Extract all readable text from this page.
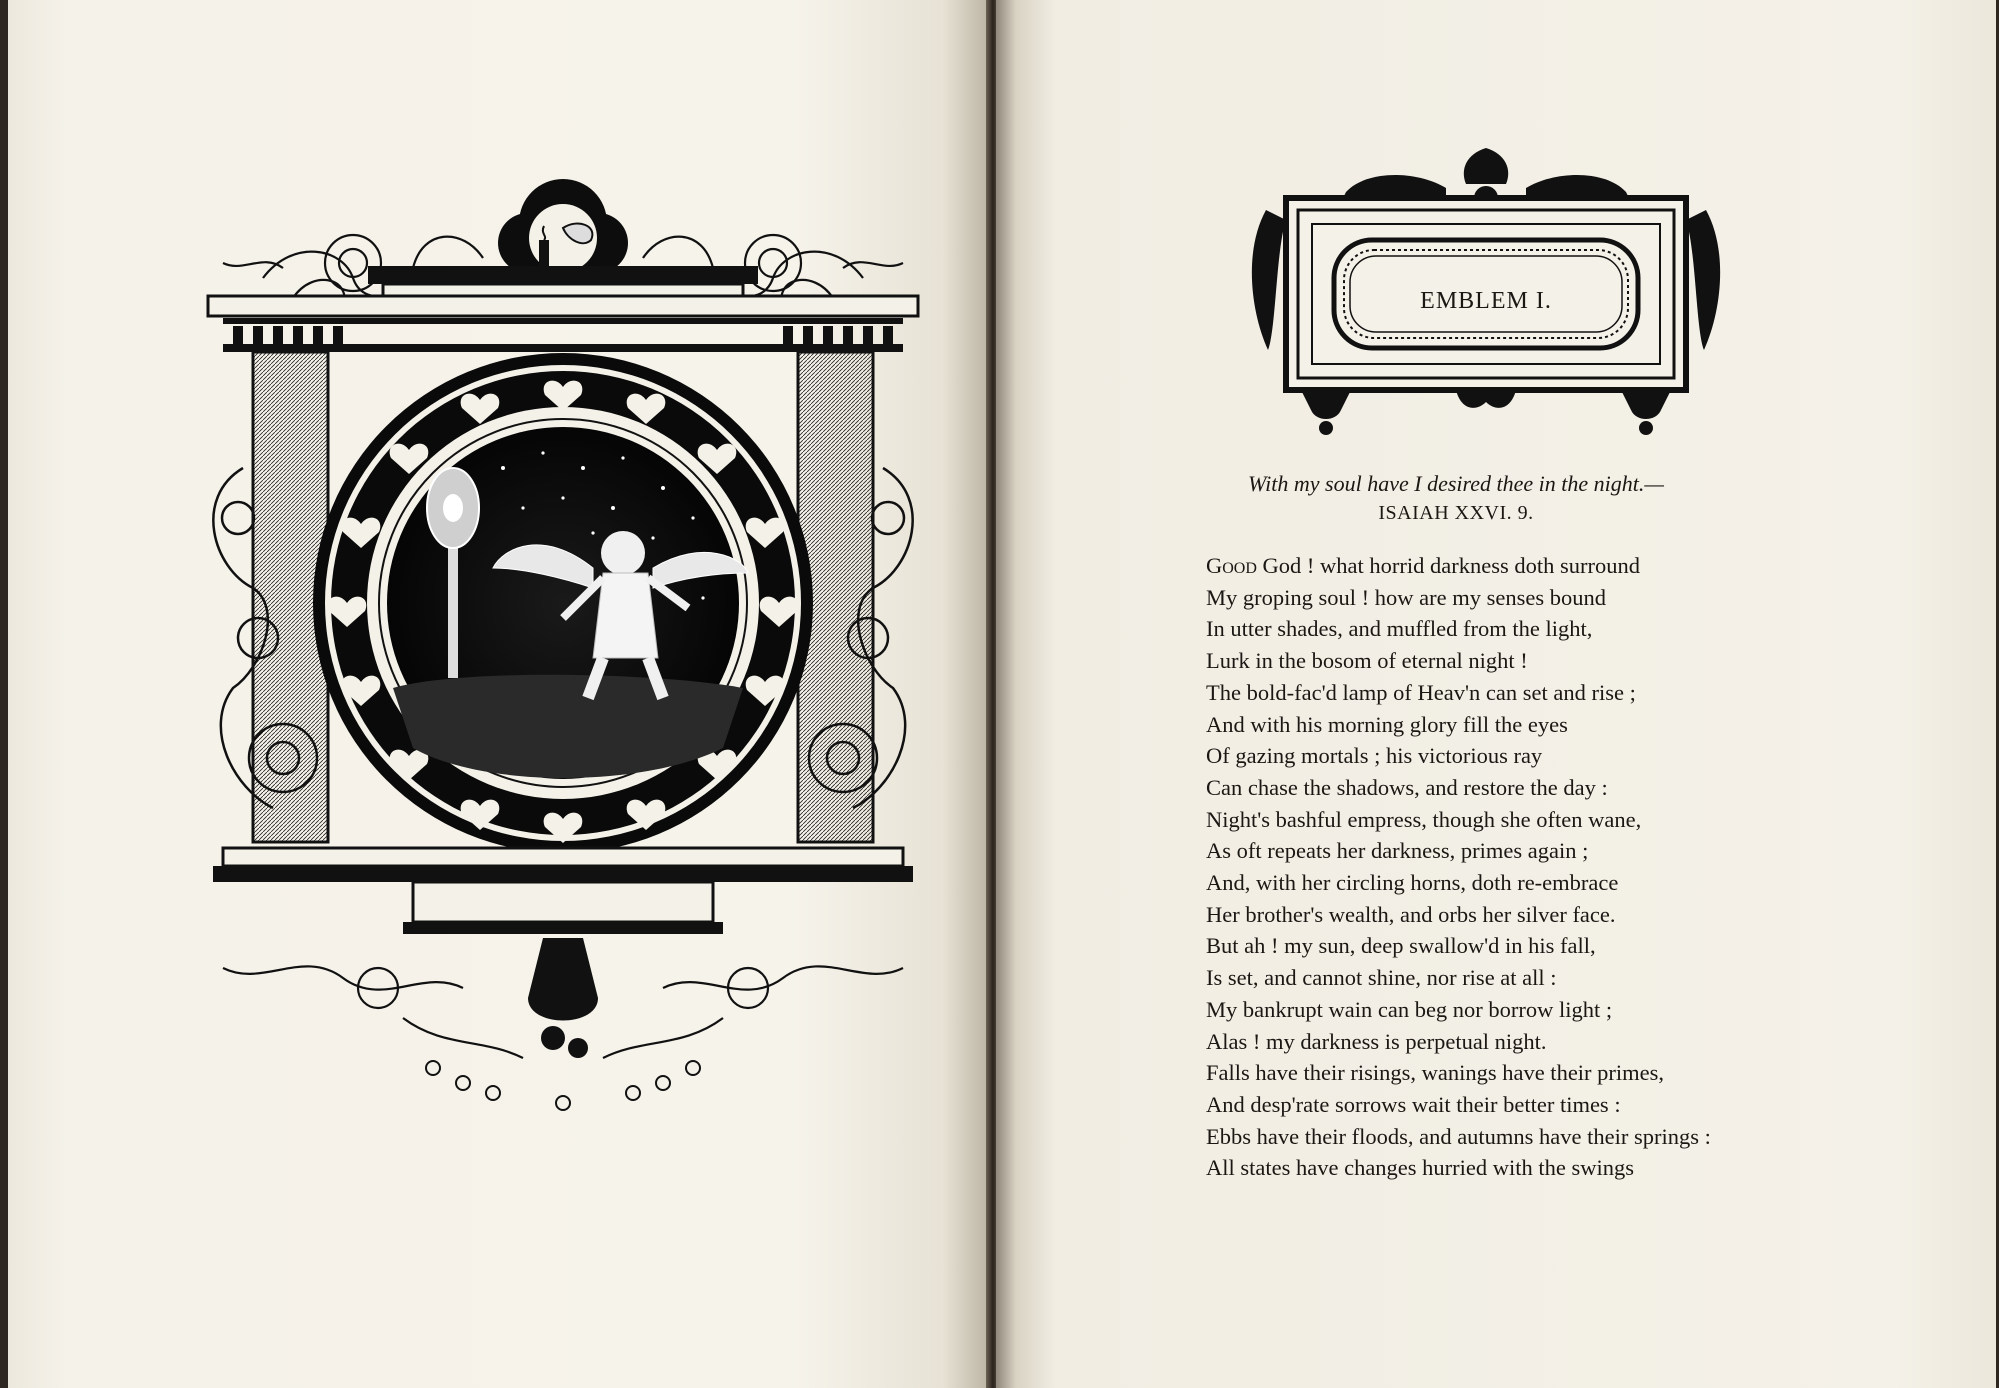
EMBLEM I.
With my soul have I desired thee in the night.—
ISAIAH XXVI. 9.
Good God ! what horrid darkness doth surround
My groping soul ! how are my senses bound
In utter shades, and muffled from the light,
Lurk in the bosom of eternal night !
The bold-fac'd lamp of Heav'n can set and rise ;
And with his morning glory fill the eyes
Of gazing mortals ; his victorious ray
Can chase the shadows, and restore the day :
Night's bashful empress, though she often wane,
As oft repeats her darkness, primes again ;
And, with her circling horns, doth re-embrace
Her brother's wealth, and orbs her silver face.
But ah ! my sun, deep swallow'd in his fall,
Is set, and cannot shine, nor rise at all :
My bankrupt wain can beg nor borrow light ;
Alas ! my darkness is perpetual night.
Falls have their risings, wanings have their primes,
And desp'rate sorrows wait their better times :
Ebbs have their floods, and autumns have their springs :
All states have changes hurried with the swings
